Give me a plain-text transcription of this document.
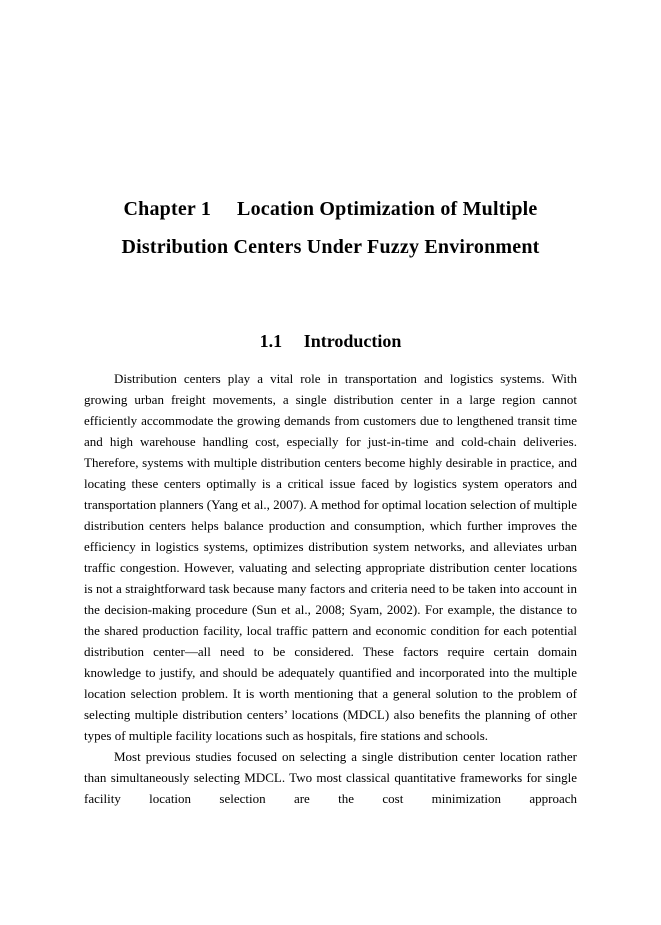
Chapter 1 Location Optimization of Multiple Distribution Centers Under Fuzzy Environment
1.1 Introduction

Distribution centers play a vital role in transportation and logistics systems. With growing urban freight movements, a single distribution center in a large region cannot efficiently accommodate the growing demands from customers due to lengthened transit time and high warehouse handling cost, especially for just-in-time and cold-chain deliveries. Therefore, systems with multiple distribution centers become highly desirable in practice, and locating these centers optimally is a critical issue faced by logistics system operators and transportation planners (Yang et al., 2007). A method for optimal location selection of multiple distribution centers helps balance production and consumption, which further improves the efficiency in logistics systems, optimizes distribution system networks, and alleviates urban traffic congestion. However, valuating and selecting appropriate distribution center locations is not a straightforward task because many factors and criteria need to be taken into account in the decision-making procedure (Sun et al., 2008; Syam, 2002). For example, the distance to the shared production facility, local traffic pattern and economic condition for each potential distribution center—all need to be considered. These factors require certain domain knowledge to justify, and should be adequately quantified and incorporated into the multiple location selection problem. It is worth mentioning that a general solution to the problem of selecting multiple distribution centers’ locations (MDCL) also benefits the planning of other types of multiple facility locations such as hospitals, fire stations and schools.

Most previous studies focused on selecting a single distribution center location rather than simultaneously selecting MDCL. Two most classical quantitative frameworks for single facility location selection are the cost minimization approach
